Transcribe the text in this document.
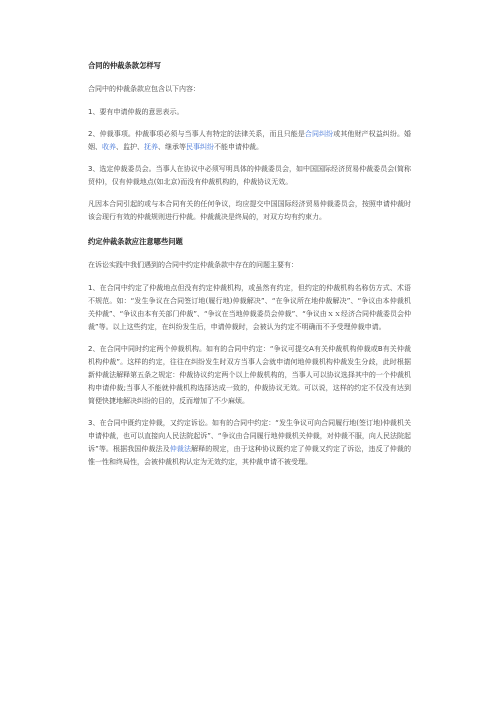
合同的仲裁条款怎样写

合同中的仲裁条款应包含以下内容：

1、要有申请仲裁的意思表示。

2、仲裁事项。仲裁事项必须与当事人有特定的法律关系，而且只能是合同纠纷或其他财产权益纠纷。婚姻、收养、监护、抚养、继承等民事纠纷不能申请仲裁。

3、选定仲裁委员会。当事人在协议中必须写明具体的仲裁委员会，如中国国际经济贸易仲裁委员会(简称贸仲)，仅有仲裁地点(如北京)而没有仲裁机构的，仲裁协议无效。

凡因本合同引起的或与本合同有关的任何争议，均应提交中国国际经济贸易仲裁委员会，按照申请仲裁时该会现行有效的仲裁规则进行仲裁。仲裁裁决是终局的，对双方均有约束力。

约定仲裁条款应注意哪些问题

在诉讼实践中我们遇到的合同中约定仲裁条款中存在的问题主要有：

1、在合同中约定了仲裁地点但没有约定仲裁机构，或虽然有约定，但约定的仲裁机构名称仿方式、术语不规范。如：“发生争议在合同签订地(履行地)仲裁解决”、“在争议所在地仲裁解决”、“争议由本仲裁机关仲裁”、“争议由本有关部门仲裁”、“争议在当地仲裁委员会仲裁”、“争议由ｘｘ经济合同仲裁委员会仲裁”等。以上这些约定，在纠纷发生后，申请仲裁时，会被认为约定不明确而不予受理仲裁申请。

2、在合同中同时约定两个仲裁机构。如有的合同中约定：“争议可提交A有关仲裁机构仲裁或B有关仲裁机构仲裁”。这样的约定，往往在纠纷发生时双方当事人会就申请何地仲裁机构仲裁发生分歧，此时根据新仲裁法解释第五条之规定：仲裁协议约定两个以上仲裁机构的，当事人可以协议选择其中的一个仲裁机构申请仲裁;当事人不能就仲裁机构选择达成一致的，仲裁协议无效。可以说，这样的约定不仅没有达到简便快捷地解决纠纷的目的，反而增加了不少麻烦。

3、在合同中既约定仲裁，又约定诉讼。如有的合同中约定：“发生争议可向合同履行地(签订地)仲裁机关申请仲裁，也可以直接向人民法院起诉”、“争议由合同履行地仲裁机关仲裁，对仲裁不服，向人民法院起诉”等。根据我国仲裁法及仲裁法解释的规定，由于这种协议既约定了仲裁又约定了诉讼，违反了仲裁的惟一性和终局性，会被仲裁机构认定为无效约定，其仲裁申请不被受理。
